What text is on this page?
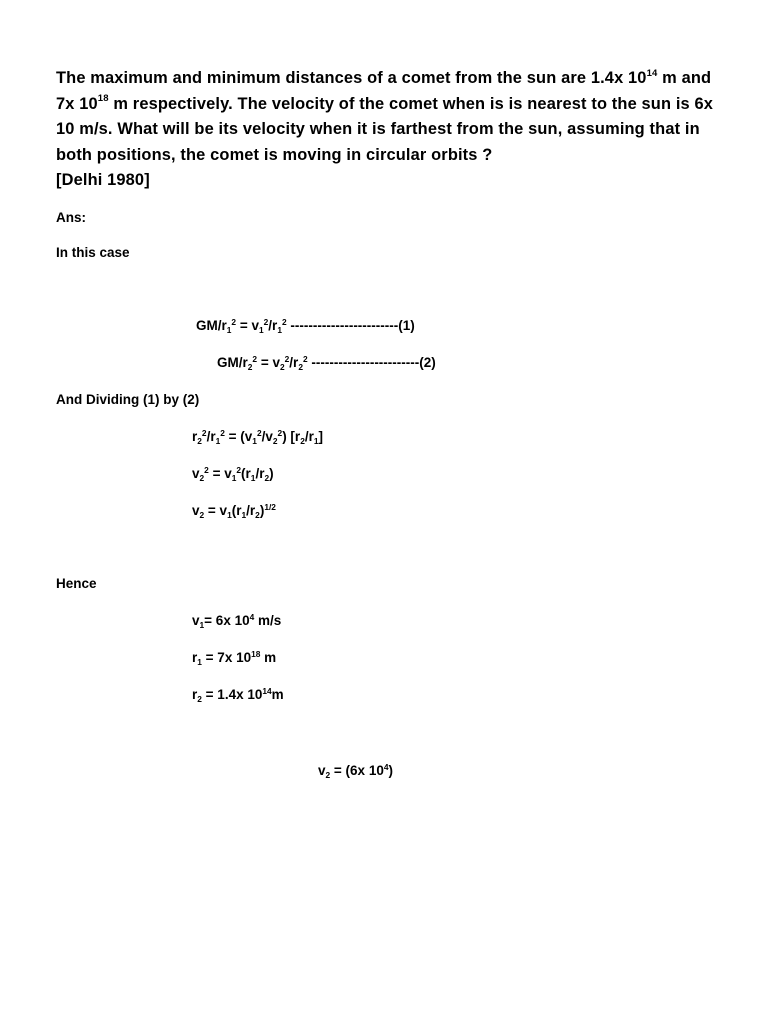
The maximum and minimum distances of a comet from the sun are 1.4x $10^{14}$ m and 7x $10^{18}$ m respectively. The velocity of the comet when is is nearest to the sun is 6x 10 m/s. What will be its velocity when it is farthest from the sun, assuming that in both positions, the comet is moving in circular orbits ?

[Delhi 1980]

Ans:
In this case
$GM/r_1^2 = v_1^2/r_1^2$ ------------------------(1)
$GM/r_2^2 = v_2^2/r_2^2$ ------------------------(2)
And Dividing (1) by (2)
$r_2^2/r_1^2 = (v_1^2/v_2^2)$ $[r_2/r_1]$
$v_2^2 = v_1^2(r_1/r_2)$
$v_2 = v_1(r_1/r_2)^{1/2}$
Hence
$v_1= 6x$ $10^4$ m/s
$r_1 = 7x$ $10^{18}$ m
$r_2 = 1.4x$ $10^{14}m$
$v_2 = (6x$ $10^4$)
